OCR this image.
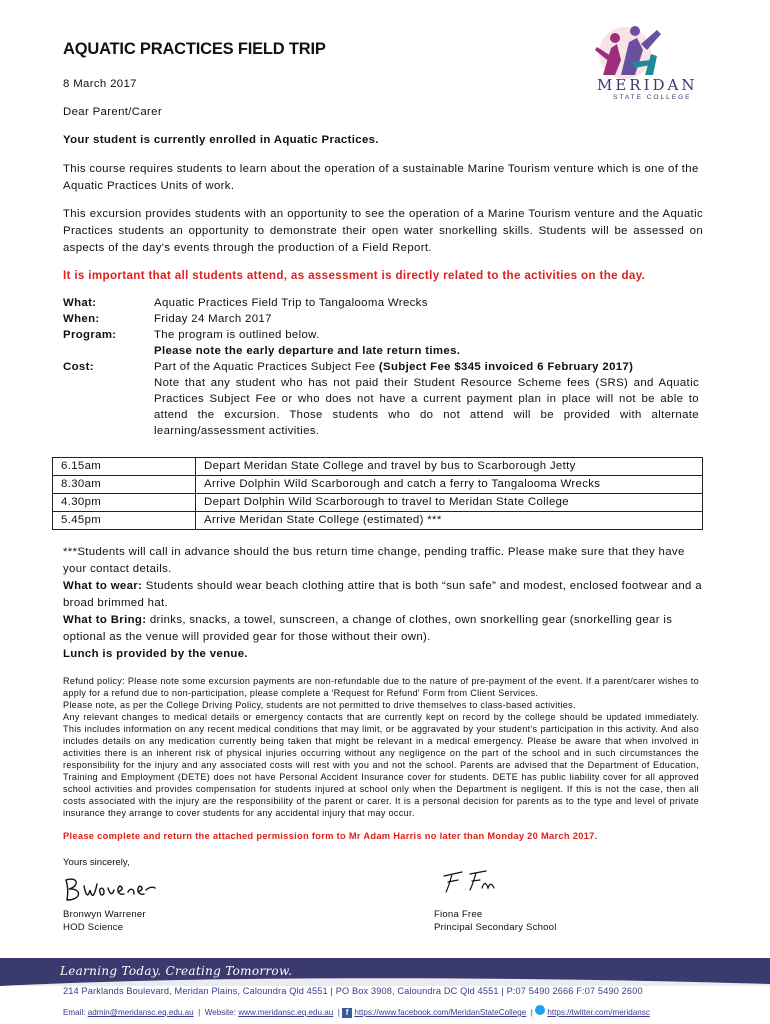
AQUATIC PRACTICES FIELD TRIP
8 March 2017	MERIDAN
STATE COLLEGE
Dear Parent/Carer
Your student is currently enrolled in Aquatic Practices.
This course requires students to learn about the operation of a sustainable Marine Tourism venture which is one of the Aquatic Practices Units of work.
This excursion provides students with an opportunity to see the operation of a Marine Tourism venture and the Aquatic Practices students an opportunity to demonstrate their open water snorkelling skills. Students will be assessed on aspects of the day's events through the production of a Field Report.
It is important that all students attend, as assessment is directly related to the activities on the day.
What:	Aquatic Practices Field Trip to Tangalooma Wrecks
When:	Friday 24 March 2017
Program:	The program is outlined below.
Please note the early departure and late return times.
Cost:	Part of the Aquatic Practices Subject Fee (Subject Fee $345 invoiced 6 February 2017)
Note that any student who has not paid their Student Resource Scheme fees (SRS) and Aquatic Practices Subject Fee or who does not have a current payment plan in place will not be able to attend the excursion. Those students who do not attend will be provided with alternate learning/assessment activities.
6.15am	Depart Meridan State College and travel by bus to Scarborough Jetty
8.30am	Arrive Dolphin Wild Scarborough and catch a ferry to Tangalooma Wrecks
4.30pm	Depart Dolphin Wild Scarborough to travel to Meridan State College
5.45pm	Arrive Meridan State College (estimated) ***
***Students will call in advance should the bus return time change, pending traffic. Please make sure that they have your contact details.
What to wear: Students should wear beach clothing attire that is both “sun safe” and modest, enclosed footwear and a broad brimmed hat.
What to Bring: drinks, snacks, a towel, sunscreen, a change of clothes, own snorkelling gear (snorkelling gear is optional as the venue will provided gear for those without their own).
Lunch is provided by the venue.
Refund policy: Please note some excursion payments are non-refundable due to the nature of pre-payment of the event. If a parent/carer wishes to apply for a refund due to non-participation, please complete a 'Request for Refund' Form from Client Services.
Please note, as per the College Driving Policy, students are not permitted to drive themselves to class-based activities.
Any relevant changes to medical details or emergency contacts that are currently kept on record by the college should be updated immediately. This includes information on any recent medical conditions that may limit, or be aggravated by your student's participation in this activity. And also includes details on any medication currently being taken that might be relevant in a medical emergency. Please be aware that when involved in activities there is an inherent risk of physical injuries occurring without any negligence on the part of the school and in such circumstances the responsibility for the injury and any associated costs will rest with you and not the school. Parents are advised that the Department of Education, Training and Employment (DETE) does not have Personal Accident Insurance cover for students. DETE has public liability cover for all approved school activities and provides compensation for students injured at school only when the Department is negligent. If this is not the case, then all costs associated with the injury are the responsibility of the parent or carer. It is a personal decision for parents as to the type and level of private insurance they arrange to cover students for any accidental injury that may occur.
Please complete and return the attached permission form to Mr Adam Harris no later than Monday 20 March 2017.
Yours sincerely,
Bronwyn Warrener
HOD Science
Fiona Free
Principal Secondary School
Learning Today. Creating Tomorrow.
214 Parklands Boulevard, Meridan Plains, Caloundra Qld 4551 | PO Box 3908, Caloundra DC Qld 4551 | P:07 5490 2666 F:07 5490 2600
Email: admin@meridansc.eq.edu.au  |  Website: www.meridansc.eq.edu.au  | f https://www.facebook.com/MeridanStateCollege  |  https://twitter.com/meridansc
